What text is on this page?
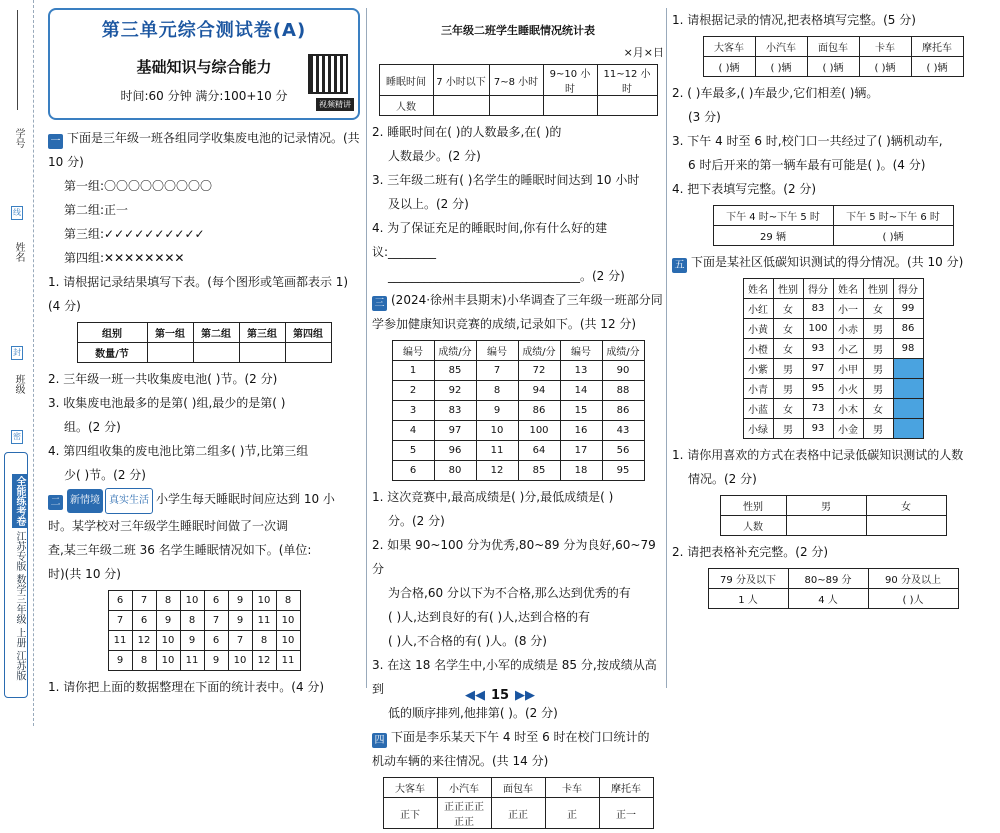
学号
线
姓名
封
班级
密
全能练考卷 江苏专版 数学三年级 上册 江苏版
第三单元综合测试卷(A)
基础知识与综合能力
时间:60 分钟 满分:100+10 分
视频精讲
一 下面是三年级一班各组同学收集废电池的记录情况。(共 10 分)
第一组:〇〇〇〇〇〇〇〇〇
第二组:正一
第三组:✓✓✓✓✓✓✓✓✓✓
第四组:✕✕✕✕✕✕✕✕
1. 请根据记录结果填写下表。(每个图形或笔画都表示 1)(4 分)
组别	第一组	第二组	第三组	第四组
数量/节				
2. 三年级一班一共收集废电池( )节。(2 分)
3. 收集废电池最多的是第( )组,最少的是第( )
组。(2 分)
4. 第四组收集的废电池比第二组多( )节,比第三组
少( )节。(2 分)
二 新情境 真实生活 小学生每天睡眠时间应达到 10 小
时。某学校对三年级学生睡眠时间做了一次调
查,某三年级二班 36 名学生睡眠情况如下。(单位:
时)(共 10 分)
6	7	8	10	6	9	10	8
7	6	9	8	7	9	11	10
11	12	10	9	6	7	8	10
9	8	10	11	9	10	12	11
1. 请你把上面的数据整理在下面的统计表中。(4 分)
三年级二班学生睡眠情况统计表
×月×日
睡眠时间	7 小时以下	7~8 小时	9~10 小时	11~12 小时
人数				
2. 睡眠时间在( )的人数最多,在( )的
人数最少。(2 分)
3. 三年级二班有( )名学生的睡眠时间达到 10 小时
及以上。(2 分)
4. 为了保证充足的睡眠时间,你有什么好的建议:________
________________________________。(2 分)
三 (2024·徐州丰县期末)小华调查了三年级一班部分同
学参加健康知识竞赛的成绩,记录如下。(共 12 分)
编号	成绩/分	编号	成绩/分	编号	成绩/分
1	85	7	72	13	90
2	92	8	94	14	88
3	83	9	86	15	86
4	97	10	100	16	43
5	96	11	64	17	56
6	80	12	85	18	95
1. 这次竞赛中,最高成绩是( )分,最低成绩是( )
分。(2 分)
2. 如果 90~100 分为优秀,80~89 分为良好,60~79 分
为合格,60 分以下为不合格,那么达到优秀的有
( )人,达到良好的有( )人,达到合格的有
( )人,不合格的有( )人。(8 分)
3. 在这 18 名学生中,小军的成绩是 85 分,按成绩从高到
低的顺序排列,他排第( )。(2 分)
四 下面是李乐某天下午 4 时至 6 时在校门口统计的
机动车辆的来往情况。(共 14 分)
大客车	小汽车	面包车	卡车	摩托车
正下	正正正正正正	正正	正	正一
1. 请根据记录的情况,把表格填写完整。(5 分)
大客车	小汽车	面包车	卡车	摩托车
( )辆	( )辆	( )辆	( )辆	( )辆
2. ( )车最多,( )车最少,它们相差( )辆。
(3 分)
3. 下午 4 时至 6 时,校门口一共经过了( )辆机动车,
6 时后开来的第一辆车最有可能是( )。(4 分)
4. 把下表填写完整。(2 分)
下午 4 时~下午 5 时	下午 5 时~下午 6 时
29 辆	( )辆
五 下面是某社区低碳知识测试的得分情况。(共 10 分)
姓名	性别	得分	姓名	性别	得分
小红	女	83	小一	女	99
小黄	女	100	小赤	男	86
小橙	女	93	小乙	男	98
小紫	男	97	小甲	男	
小青	男	95	小火	男	
小蓝	女	73	小木	女	
小绿	男	93	小金	男	
1. 请你用喜欢的方式在表格中记录低碳知识测试的人数
情况。(2 分)
性别	男	女
人数		
2. 请把表格补充完整。(2 分)
79 分及以下	80~89 分	90 分及以上
1 人	4 人	( )人
◀◀ 15 ▶▶
